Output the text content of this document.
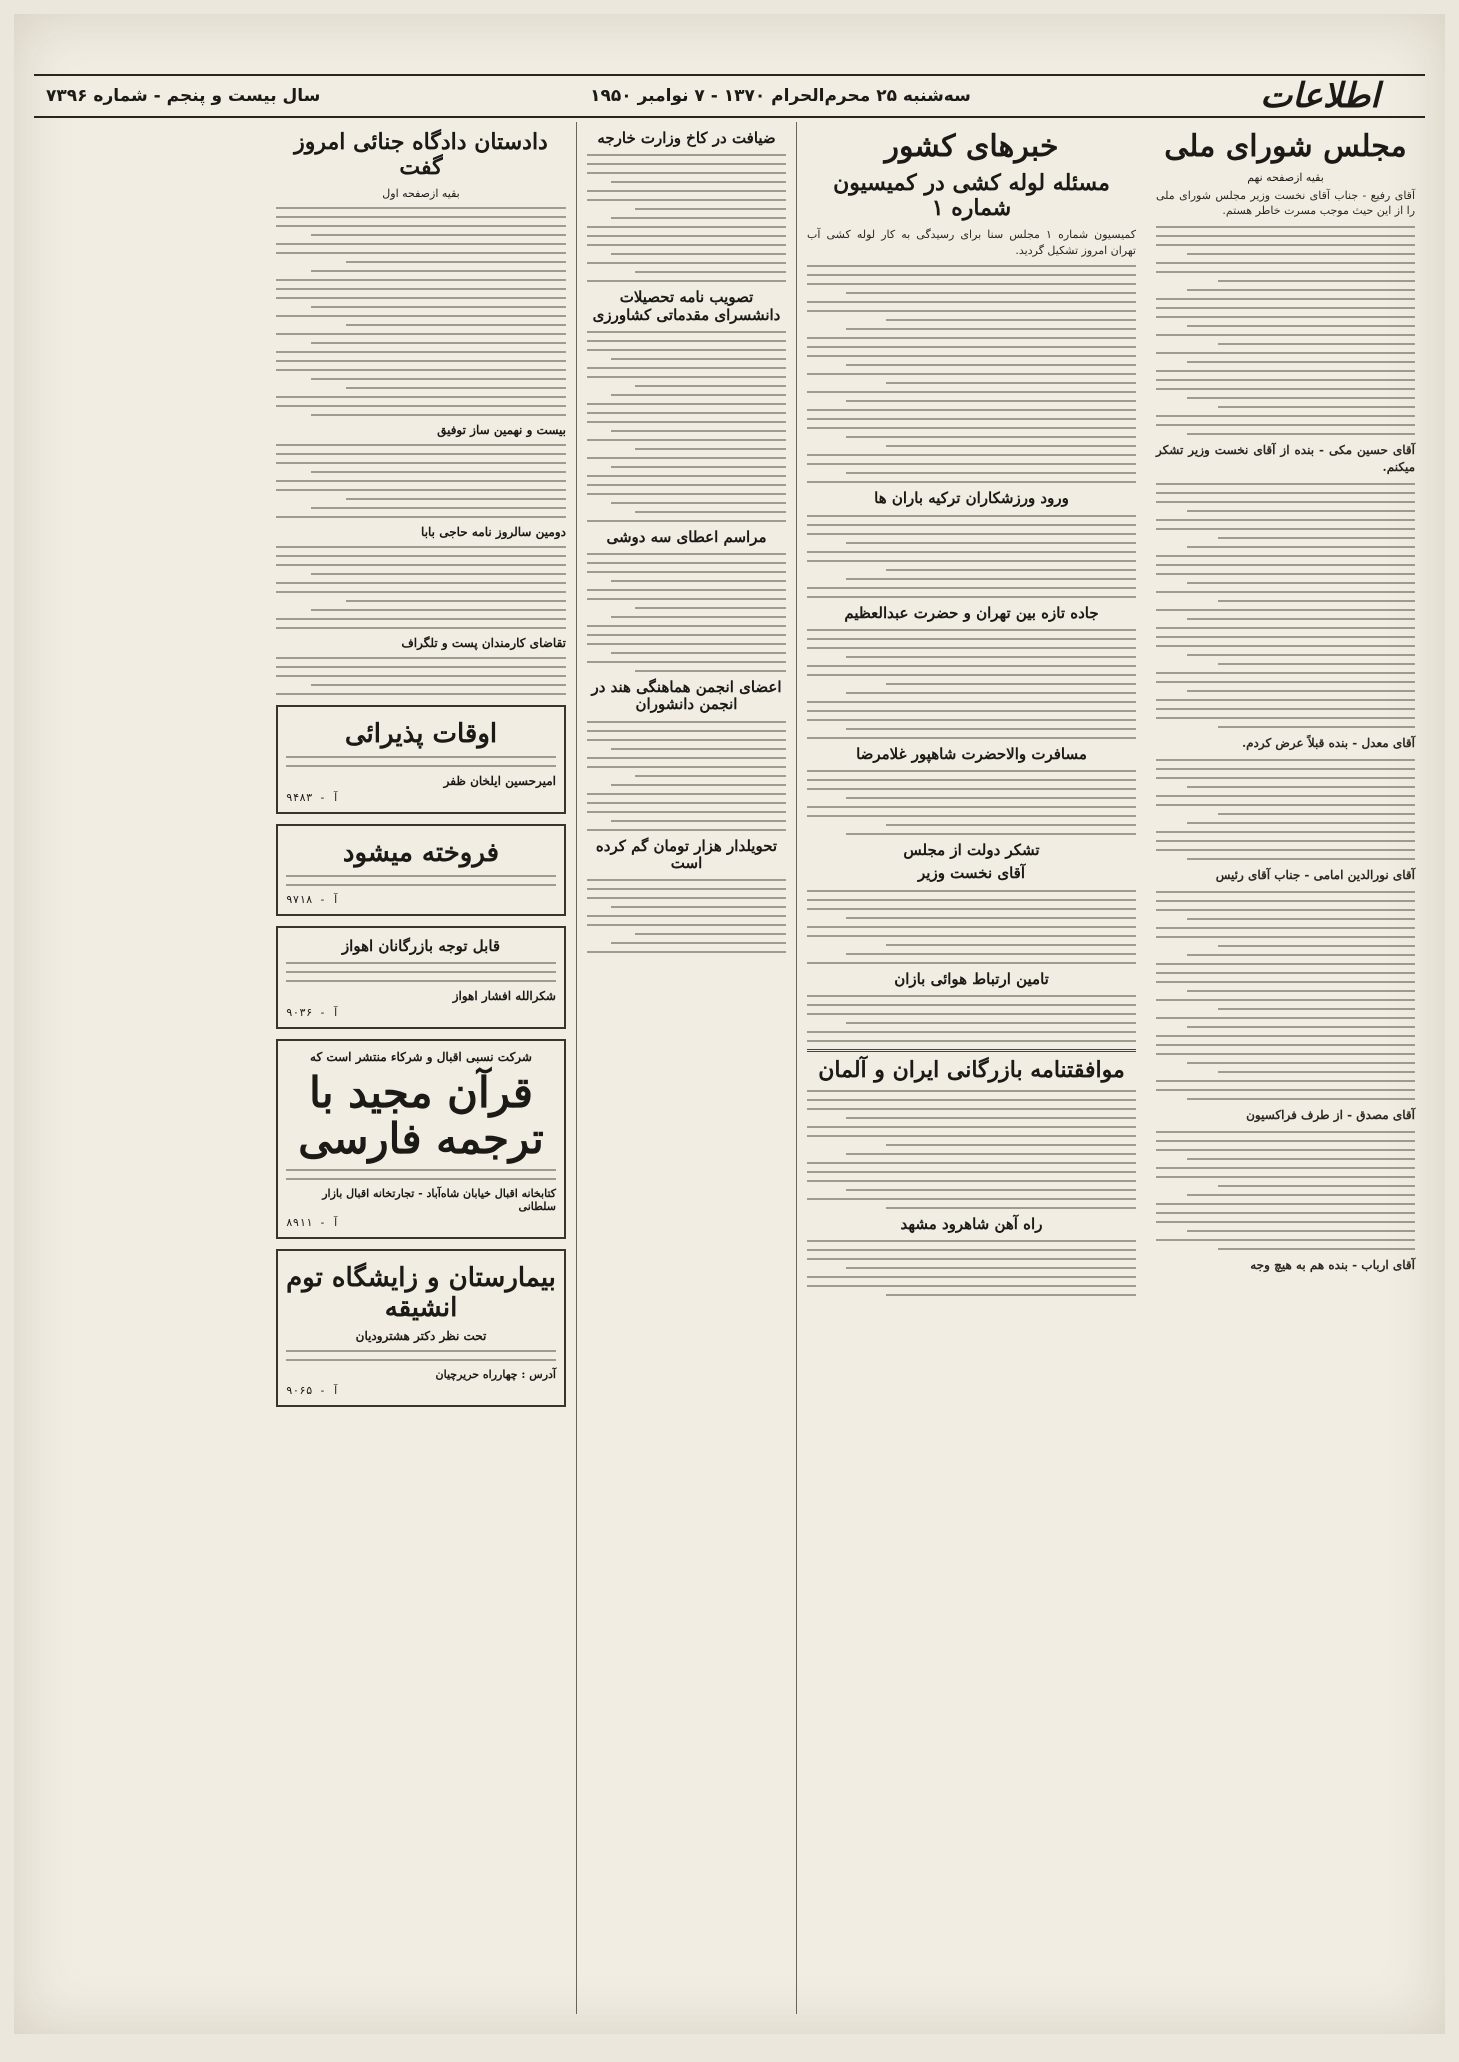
اطلاعات
سه‌شنبه ۲۵ محرم‌الحرام ۱۳۷۰ - ۷ نوامبر ۱۹۵۰
سال بیست و پنجم - شماره ۷۳۹۶
مجلس شورای ملی
بقیه ازصفحه نهم

آقای رفیع - جناب آقای نخست وزیر مجلس شورای ملی را از این حیث موجب مسرت خاطر هستم.

آقای حسین مکی - بنده از آقای نخست وزیر تشکر میکنم.

آقای معدل - بنده قبلاً عرض کردم.

آقای نورالدین امامی - جناب آقای رئیس

آقای مصدق - از طرف فراکسیون

آقای ارباب - بنده هم به هیچ وجه

خبرهای کشور
مسئله لوله کشی در کمیسیون شماره ۱

کمیسیون شماره ۱ مجلس سنا برای رسیدگی به کار لوله کشی آب تهران امروز تشکیل گردید.

ورود ورزشکاران ترکیه باران ها
جاده تازه بین تهران و حضرت عبدالعظیم
مسافرت والاحضرت شاهپور غلامرضا
تشکر دولت از مجلس
آقای نخست وزیر
تامین ارتباط هوائی بازان
موافقتنامه بازرگانی ایران و آلمان
راه آهن شاهرود مشهد
ضیافت در کاخ وزارت خارجه
تصویب نامه تحصیلات دانشسرای مقدماتی کشاورزی
مراسم اعطای سه دوشی
اعضای انجمن هماهنگی هند در انجمن دانشوران
تحویلدار هزار تومان گم کرده است
دادستان دادگاه جنائی امروز گفت
بقیه ازصفحه اول
بیست و نهمین ساز توفیق
دومین سالروز نامه حاجی بابا
تقاضای کارمندان پست و تلگراف
اوقات پذیرائی
امیرحسین ایلخان ظفر
آ - ۹۴۸۳
فروخته میشود
آ - ۹۷۱۸
قابل توجه بازرگانان اهواز
شکرالله افشار اهواز
آ - ۹۰۳۶
شرکت نسبی اقبال و شرکاء منتشر است که
قرآن مجید با ترجمه فارسی
کتابخانه اقبال خیابان شاه‌آباد - تجارتخانه اقبال بازار سلطانی
آ - ۸۹۱۱
بیمارستان و زایشگاه توم انشیقه
تحت نظر دکتر هشترودیان
آدرس : چهارراه حریرچیان
آ - ۹۰۶۵
